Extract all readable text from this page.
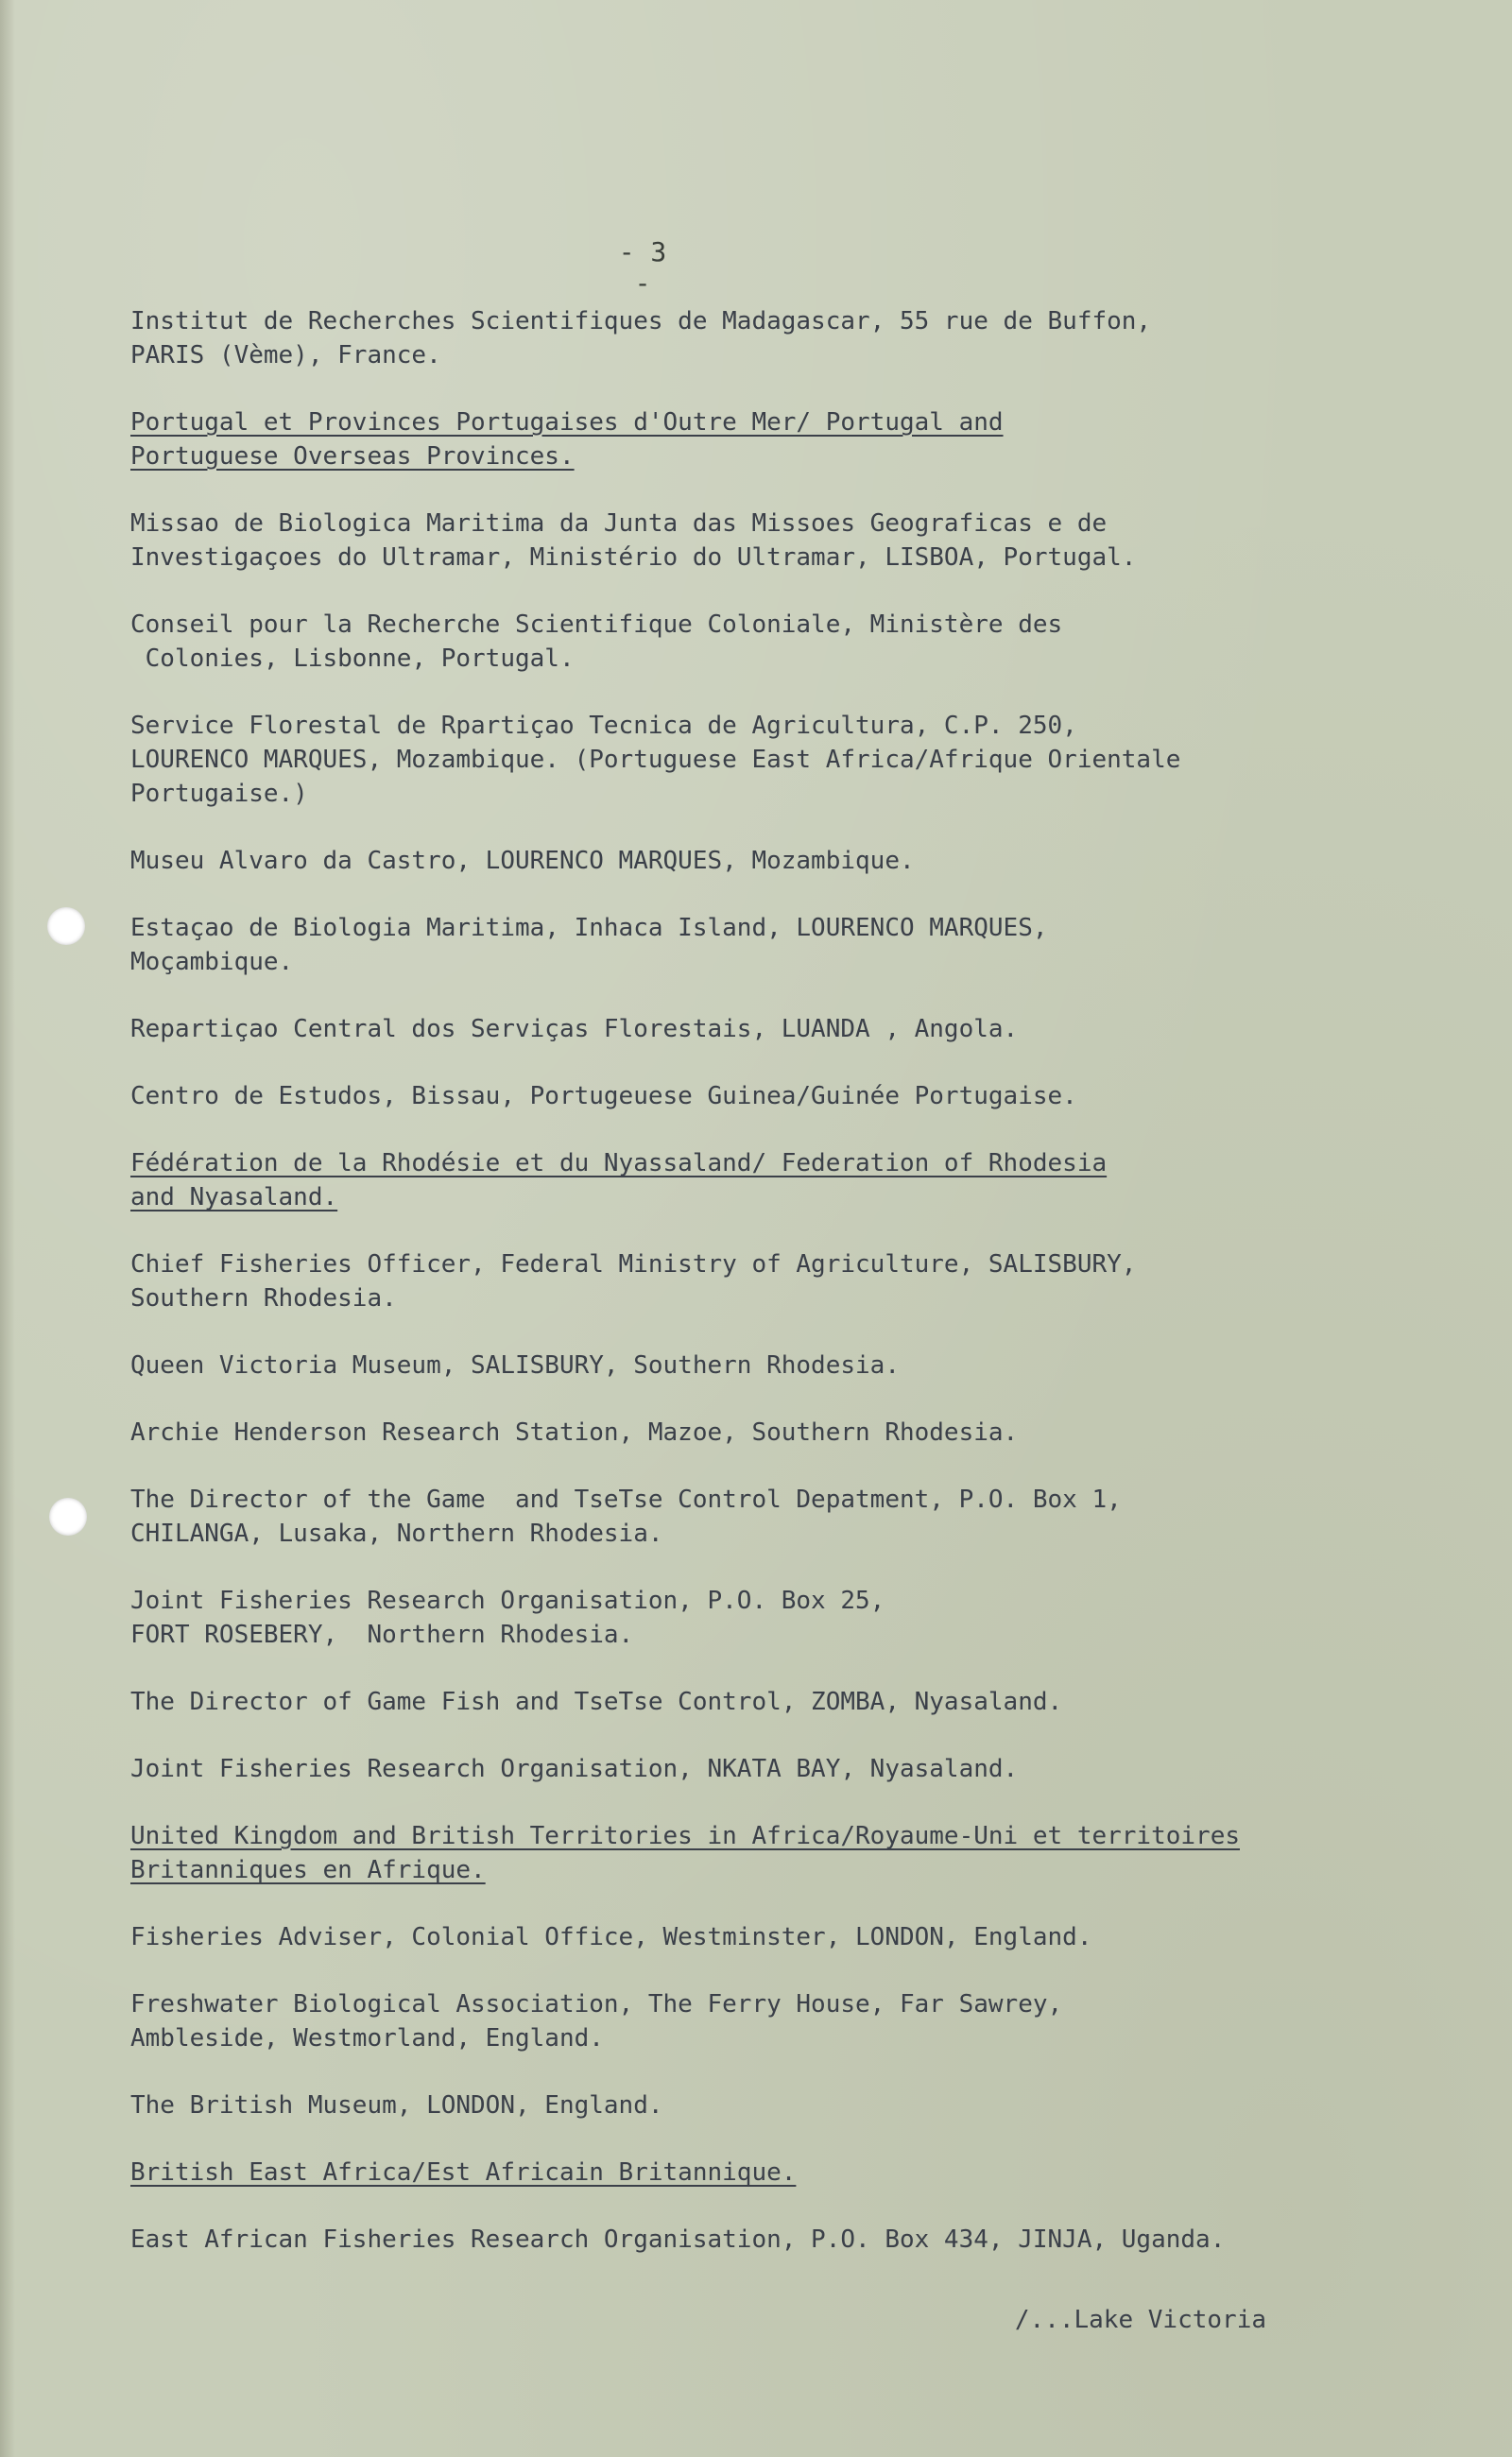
- 3 -
Institut de Recherches Scientifiques de Madagascar, 55 rue de Buffon,
PARIS (Vème), France.
Portugal et Provinces Portugaises d'Outre Mer/ Portugal and
Portuguese Overseas Provinces.
Missao de Biologica Maritima da Junta das Missoes Geograficas e de
Investigaçoes do Ultramar, Ministério do Ultramar, LISBOA, Portugal.
Conseil pour la Recherche Scientifique Coloniale, Ministère des
Colonies, Lisbonne, Portugal.
Service Florestal de Rpartiçao Tecnica de Agricultura, C.P. 250,
LOURENCO MARQUES, Mozambique. (Portuguese East Africa/Afrique Orientale
Portugaise.)
Museu Alvaro da Castro, LOURENCO MARQUES, Mozambique.
Estaçao de Biologia Maritima, Inhaca Island, LOURENCO MARQUES,
Moçambique.
Repartiçao Central dos Serviças Florestais, LUANDA , Angola.
Centro de Estudos, Bissau, Portugeuese Guinea/Guinée Portugaise.
Fédération de la Rhodésie et du Nyassaland/ Federation of Rhodesia
and Nyasaland.
Chief Fisheries Officer, Federal Ministry of Agriculture, SALISBURY,
Southern Rhodesia.
Queen Victoria Museum, SALISBURY, Southern Rhodesia.
Archie Henderson Research Station, Mazoe, Southern Rhodesia.
The Director of the Game  and TseTse Control Depatment, P.O. Box 1,
CHILANGA, Lusaka, Northern Rhodesia.
Joint Fisheries Research Organisation, P.O. Box 25,
FORT ROSEBERY,  Northern Rhodesia.
The Director of Game Fish and TseTse Control, ZOMBA, Nyasaland.
Joint Fisheries Research Organisation, NKATA BAY, Nyasaland.
United Kingdom and British Territories in Africa/Royaume-Uni et territoires
Britanniques en Afrique.
Fisheries Adviser, Colonial Office, Westminster, LONDON, England.
Freshwater Biological Association, The Ferry House, Far Sawrey,
Ambleside, Westmorland, England.
The British Museum, LONDON, England.
British East Africa/Est Africain Britannique.
East African Fisheries Research Organisation, P.O. Box 434, JINJA, Uganda.
/...Lake Victoria
